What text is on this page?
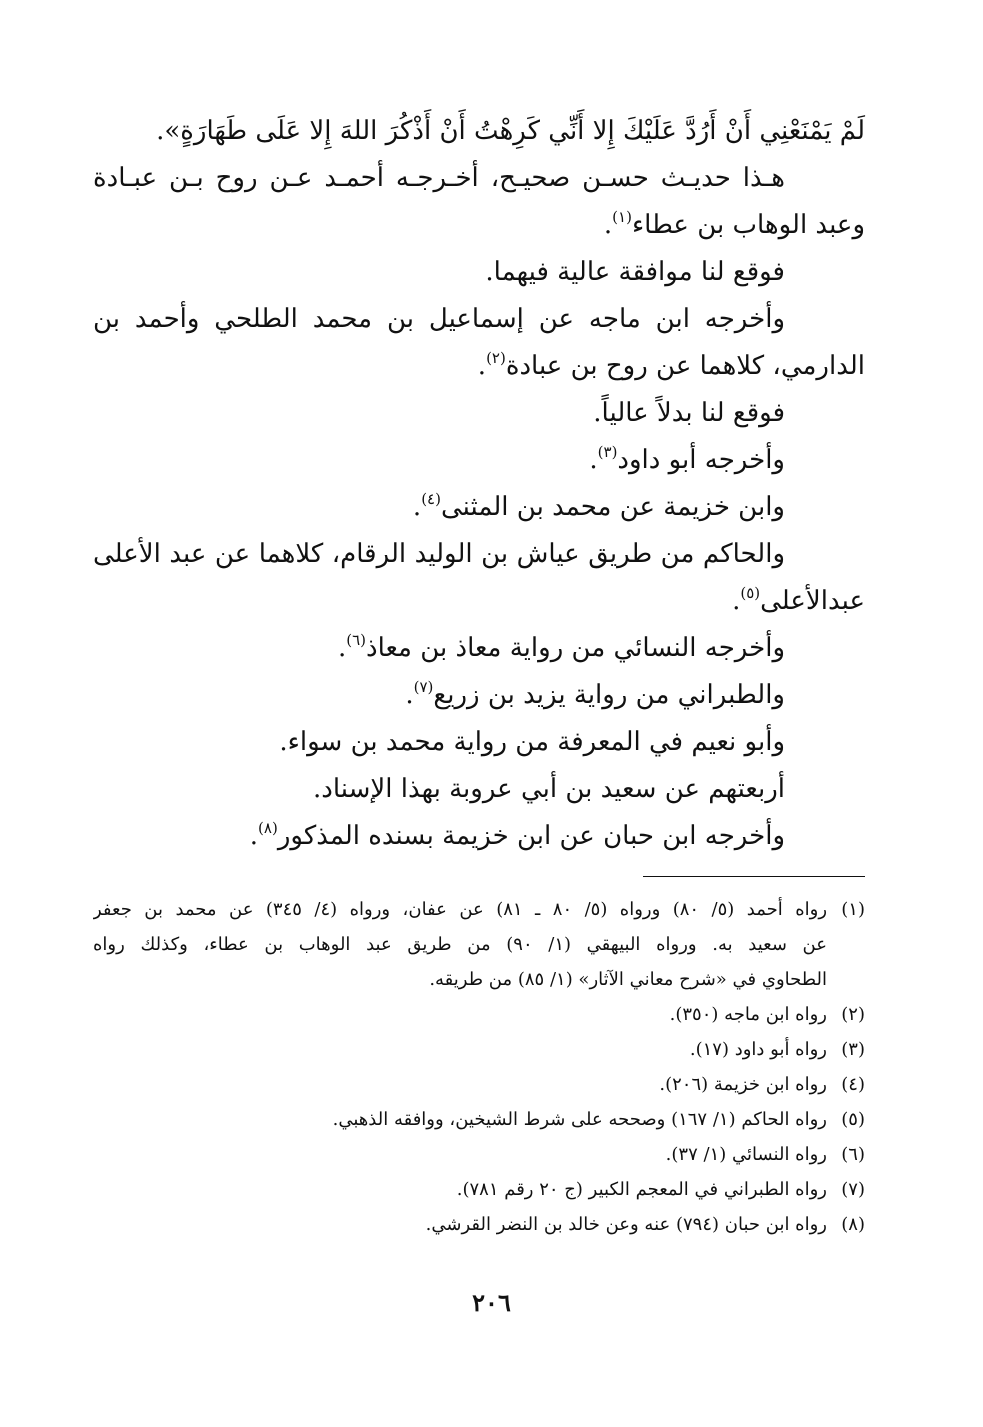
لَمْ يَمْنَعْنِي أَنْ أَرُدَّ عَلَيْكَ إِلا أَنِّي كَرِهْتُ أَنْ أَذْكُرَ اللهَ إِلا عَلَى طَهَارَةٍ».
هـذا حديـث حسـن صحيـح، أخـرجـه أحمـد عـن روح بـن عبـادة
وعبد الوهاب بن عطاء$^{(١)}$.
فوقع لنا موافقة عالية فيهما.
وأخرجه ابن ماجه عن إسماعيل بن محمد الطلحي وأحمد بن
الدارمي، كلاهما عن روح بن عبادة$^{(٢)}$.
فوقع لنا بدلاً عالياً.
وأخرجه أبو داود$^{(٣)}$.
وابن خزيمة عن محمد بن المثنى$^{(٤)}$.
والحاكم من طريق عياش بن الوليد الرقام، كلاهما عن عبد الأعلى
عبدالأعلى$^{(٥)}$.
وأخرجه النسائي من رواية معاذ بن معاذ$^{(٦)}$.
والطبراني من رواية يزيد بن زريع$^{(٧)}$.
وأبو نعيم في المعرفة من رواية محمد بن سواء.
أربعتهم عن سعيد بن أبي عروبة بهذا الإسناد.
وأخرجه ابن حبان عن ابن خزيمة بسنده المذكور$^{(٨)}$.
(١)
رواه أحمد (٥/ ٨٠) ورواه (٥/ ٨٠ ـ ٨١) عن عفان، ورواه (٤/ ٣٤٥) عن محمد بن جعفر
عن سعيد به. ورواه البيهقي (١/ ٩٠) من طريق عبد الوهاب بن عطاء، وكذلك رواه
الطحاوي في «شرح معاني الآثار» (١/ ٨٥) من طريقه.
(٢)
رواه ابن ماجه (٣٥٠).
(٣)
رواه أبو داود (١٧).
(٤)
رواه ابن خزيمة (٢٠٦).
(٥)
رواه الحاكم (١/ ١٦٧) وصححه على شرط الشيخين، ووافقه الذهبي.
(٦)
رواه النسائي (١/ ٣٧).
(٧)
رواه الطبراني في المعجم الكبير (ج ٢٠ رقم ٧٨١).
(٨)
رواه ابن حبان (٧٩٤) عنه وعن خالد بن النضر القرشي.
٢٠٦
